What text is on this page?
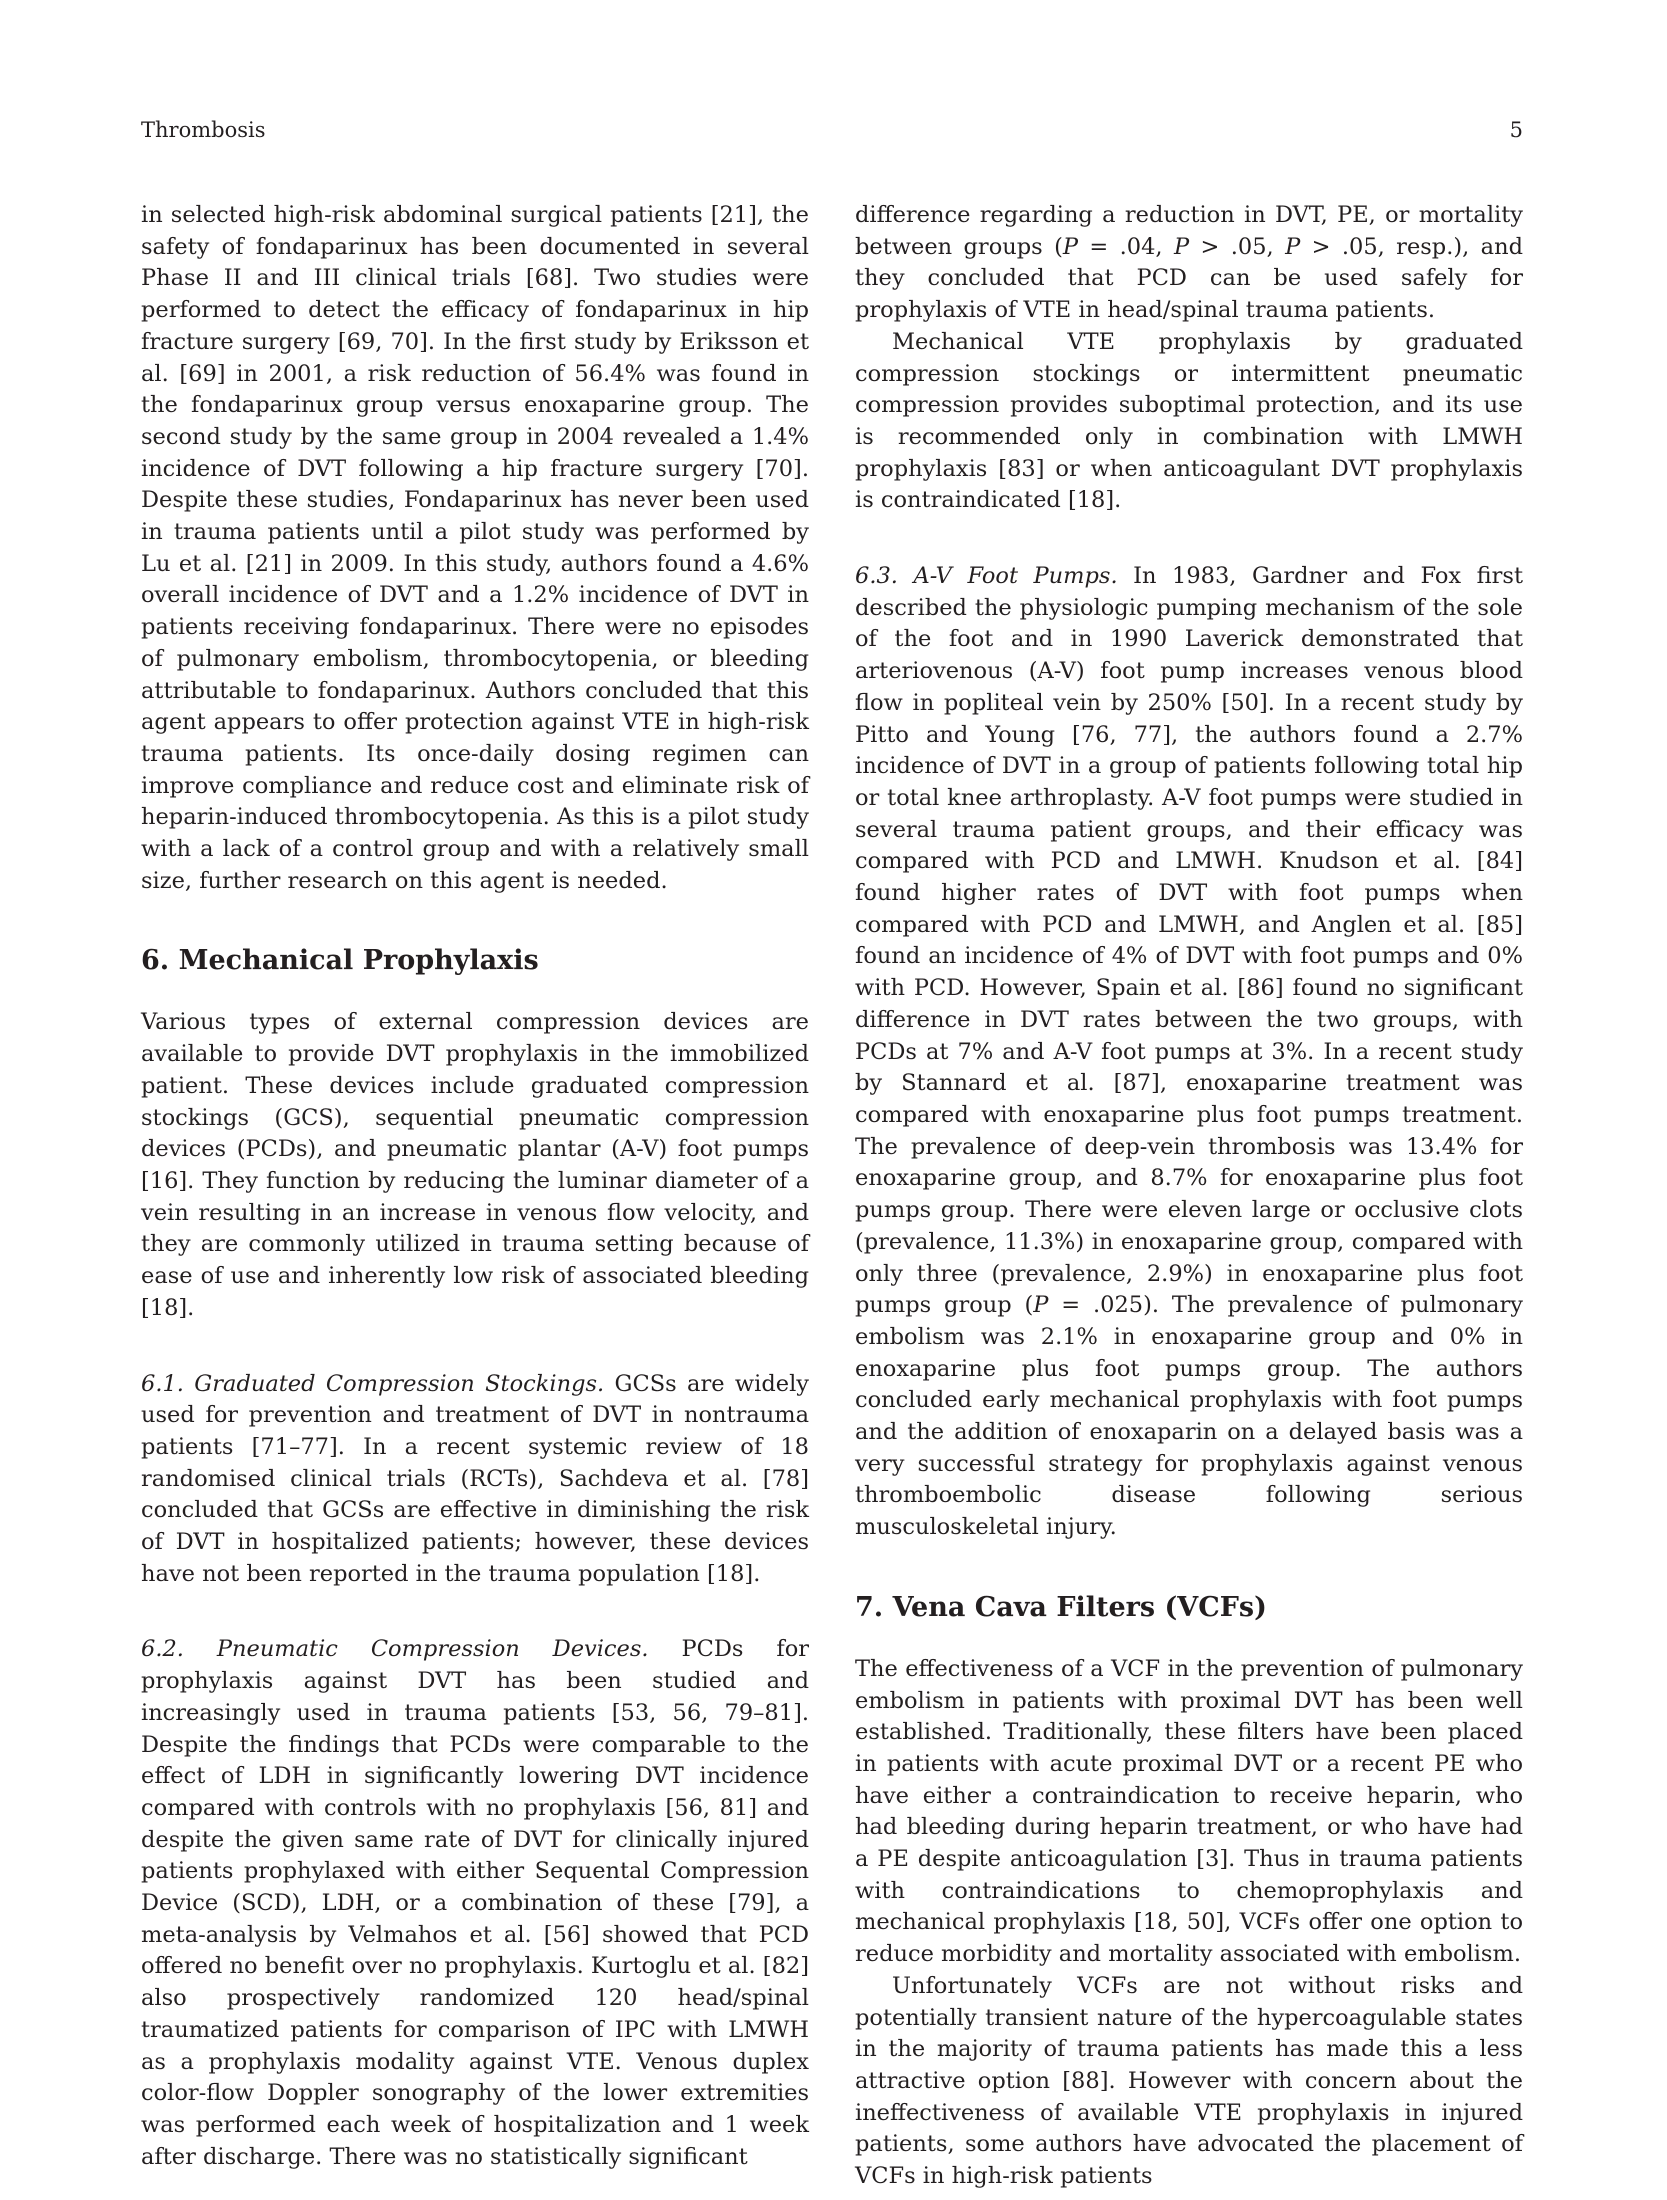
Thrombosis	5

in selected high-risk abdominal surgical patients [21], the safety of fondaparinux has been documented in several Phase II and III clinical trials [68]. Two studies were performed to detect the efficacy of fondaparinux in hip fracture surgery [69, 70]. In the first study by Eriksson et al. [69] in 2001, a risk reduction of 56.4% was found in the fondaparinux group versus enoxaparine group. The second study by the same group in 2004 revealed a 1.4% incidence of DVT following a hip fracture surgery [70]. Despite these studies, Fondaparinux has never been used in trauma patients until a pilot study was performed by Lu et al. [21] in 2009. In this study, authors found a 4.6% overall incidence of DVT and a 1.2% incidence of DVT in patients receiving fondaparinux. There were no episodes of pulmonary embolism, thrombocytopenia, or bleeding attributable to fondaparinux. Authors concluded that this agent appears to offer protection against VTE in high-risk trauma patients. Its once-daily dosing regimen can improve compliance and reduce cost and eliminate risk of heparin-induced thrombocytopenia. As this is a pilot study with a lack of a control group and with a relatively small size, further research on this agent is needed.

6. Mechanical Prophylaxis

Various types of external compression devices are available to provide DVT prophylaxis in the immobilized patient. These devices include graduated compression stockings (GCS), sequential pneumatic compression devices (PCDs), and pneumatic plantar (A-V) foot pumps [16]. They function by reducing the luminar diameter of a vein resulting in an increase in venous flow velocity, and they are commonly utilized in trauma setting because of ease of use and inherently low risk of associated bleeding [18].

6.1. Graduated Compression Stockings. GCSs are widely used for prevention and treatment of DVT in nontrauma patients [71–77]. In a recent systemic review of 18 randomised clinical trials (RCTs), Sachdeva et al. [78] concluded that GCSs are effective in diminishing the risk of DVT in hospitalized patients; however, these devices have not been reported in the trauma population [18].

6.2. Pneumatic Compression Devices. PCDs for prophylaxis against DVT has been studied and increasingly used in trauma patients [53, 56, 79–81]. Despite the findings that PCDs were comparable to the effect of LDH in significantly lowering DVT incidence compared with controls with no prophylaxis [56, 81] and despite the given same rate of DVT for clinically injured patients prophylaxed with either Sequental Compression Device (SCD), LDH, or a combination of these [79], a meta-analysis by Velmahos et al. [56] showed that PCD offered no benefit over no prophylaxis. Kurtoglu et al. [82] also prospectively randomized 120 head/spinal traumatized patients for comparison of IPC with LMWH as a prophylaxis modality against VTE. Venous duplex color-flow Doppler sonography of the lower extremities was performed each week of hospitalization and 1 week after discharge. There was no statistically significant

difference regarding a reduction in DVT, PE, or mortality between groups (P = .04, P > .05, P > .05, resp.), and they concluded that PCD can be used safely for prophylaxis of VTE in head/spinal trauma patients.

Mechanical VTE prophylaxis by graduated compression stockings or intermittent pneumatic compression provides suboptimal protection, and its use is recommended only in combination with LMWH prophylaxis [83] or when anticoagulant DVT prophylaxis is contraindicated [18].

6.3. A-V Foot Pumps. In 1983, Gardner and Fox first described the physiologic pumping mechanism of the sole of the foot and in 1990 Laverick demonstrated that arteriovenous (A-V) foot pump increases venous blood flow in popliteal vein by 250% [50]. In a recent study by Pitto and Young [76, 77], the authors found a 2.7% incidence of DVT in a group of patients following total hip or total knee arthroplasty. A-V foot pumps were studied in several trauma patient groups, and their efficacy was compared with PCD and LMWH. Knudson et al. [84] found higher rates of DVT with foot pumps when compared with PCD and LMWH, and Anglen et al. [85] found an incidence of 4% of DVT with foot pumps and 0% with PCD. However, Spain et al. [86] found no significant difference in DVT rates between the two groups, with PCDs at 7% and A-V foot pumps at 3%. In a recent study by Stannard et al. [87], enoxaparine treatment was compared with enoxaparine plus foot pumps treatment. The prevalence of deep-vein thrombosis was 13.4% for enoxaparine group, and 8.7% for enoxaparine plus foot pumps group. There were eleven large or occlusive clots (prevalence, 11.3%) in enoxaparine group, compared with only three (prevalence, 2.9%) in enoxaparine plus foot pumps group (P = .025). The prevalence of pulmonary embolism was 2.1% in enoxaparine group and 0% in enoxaparine plus foot pumps group. The authors concluded early mechanical prophylaxis with foot pumps and the addition of enoxaparin on a delayed basis was a very successful strategy for prophylaxis against venous thromboembolic disease following serious musculoskeletal injury.

7. Vena Cava Filters (VCFs)

The effectiveness of a VCF in the prevention of pulmonary embolism in patients with proximal DVT has been well established. Traditionally, these filters have been placed in patients with acute proximal DVT or a recent PE who have either a contraindication to receive heparin, who had bleeding during heparin treatment, or who have had a PE despite anticoagulation [3]. Thus in trauma patients with contraindications to chemoprophylaxis and mechanical prophylaxis [18, 50], VCFs offer one option to reduce morbidity and mortality associated with embolism.

Unfortunately VCFs are not without risks and potentially transient nature of the hypercoagulable states in the majority of trauma patients has made this a less attractive option [88]. However with concern about the ineffectiveness of available VTE prophylaxis in injured patients, some authors have advocated the placement of VCFs in high-risk patients
